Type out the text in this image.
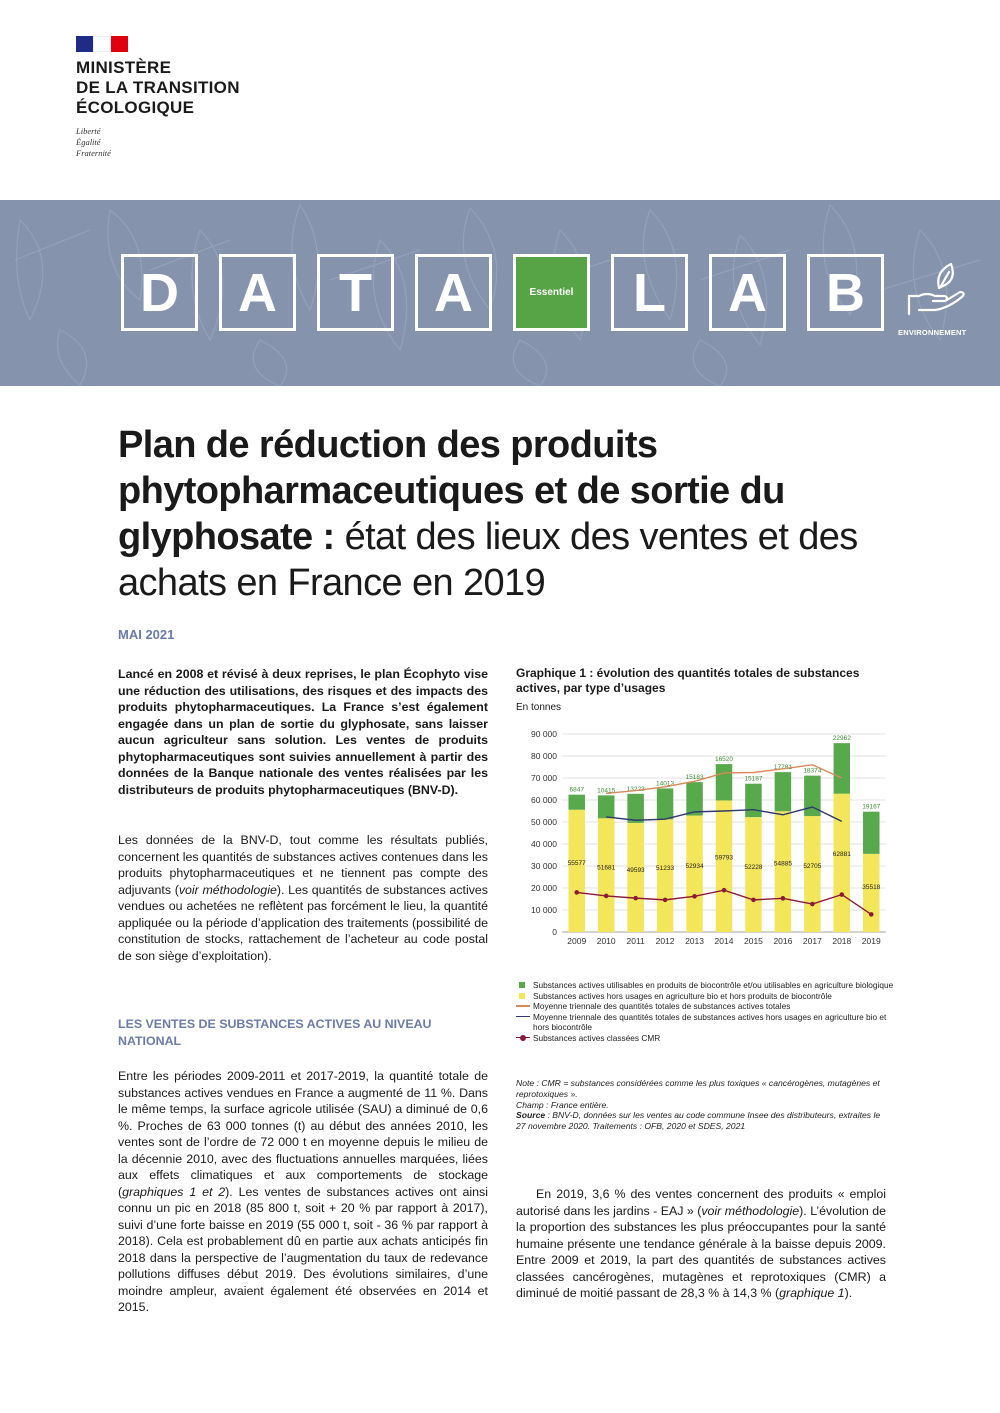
MINISTÈRE
DE LA TRANSITION
ÉCOLOGIQUE
Liberté
Égalité
Fraternité
D	A	T	A	Essentiel	L	A	B
ENVIRONNEMENT
Plan de réduction des produits phytopharmaceutiques et de sortie du glyphosate : état des lieux des ventes et des achats en France en 2019
MAI 2021
Lancé en 2008 et révisé à deux reprises, le plan Écophyto vise une réduction des utilisations, des risques et des impacts des produits phytopharmaceutiques. La France s’est également engagée dans un plan de sortie du glyphosate, sans laisser aucun agriculteur sans solution. Les ventes de produits phytopharmaceutiques sont suivies annuellement à partir des données de la Banque nationale des ventes réalisées par les distributeurs de produits phytopharmaceutiques (BNV-D).
Les données de la BNV-D, tout comme les résultats publiés, concernent les quantités de substances actives contenues dans les produits phytopharmaceutiques et ne tiennent pas compte des adjuvants (voir méthodologie). Les quantités de substances actives vendues ou achetées ne reflètent pas forcément le lieu, la quantité appliquée ou la période d’application des traitements (possibilité de constitution de stocks, rattachement de l’acheteur au code postal de son siège d’exploitation).
LES VENTES DE SUBSTANCES ACTIVES AU NIVEAU NATIONAL
Entre les périodes 2009-2011 et 2017-2019, la quantité totale de substances actives vendues en France a augmenté de 11 %. Dans le même temps, la surface agricole utilisée (SAU) a diminué de 0,6 %. Proches de 63 000 tonnes (t) au début des années 2010, les ventes sont de l’ordre de 72 000 t en moyenne depuis le milieu de la décennie 2010, avec des fluctuations annuelles marquées, liées aux effets climatiques et aux comportements de stockage (graphiques 1 et 2). Les ventes de substances actives ont ainsi connu un pic en 2018 (85 800 t, soit + 20 % par rapport à 2017), suivi d’une forte baisse en 2019 (55 000 t, soit - 36 % par rapport à 2018). Cela est probablement dû en partie aux achats anticipés fin 2018 dans la perspective de l’augmentation du taux de redevance pollutions diffuses début 2019. Des évolutions similaires, d’une moindre ampleur, avaient également été observées en 2014 et 2015.
Graphique 1 : évolution des quantités totales de substances actives, par type d’usages
En tonnes
0
10 000
20 000
30 000
40 000
50 000
60 000
70 000
80 000
90 000
6847
55577
2009
10415
51681
2010
13223
49593
2011
14013
51233
2012
15183
52934
2013
16520
59793
2014
15187
52228
2015
17781
54885
2016
18374
52705
2017
22962
62881
2018
19167
35518
2019
Substances actives utilisables en produits de biocontrôle et/ou utilisables en agriculture biologique
Substances actives hors usages en agriculture bio et hors produits de biocontrôle
Moyenne triennale des quantités totales de substances actives totales
Moyenne triennale des quantités totales de substances actives hors usages en agriculture bio et hors biocontrôle
Substances actives classées CMR
Note : CMR = substances considérées comme les plus toxiques « cancérogènes, mutagènes et reprotoxiques ».
Champ : France entière.
Source : BNV-D, données sur les ventes au code commune Insee des distributeurs, extraites le 27 novembre 2020. Traitements : OFB, 2020 et SDES, 2021
En 2019, 3,6 % des ventes concernent des produits « emploi autorisé dans les jardins - EAJ » (voir méthodologie). L’évolution de la proportion des substances les plus préoccupantes pour la santé humaine présente une tendance générale à la baisse depuis 2009. Entre 2009 et 2019, la part des quantités de substances actives classées cancérogènes, mutagènes et reprotoxiques (CMR) a diminué de moitié passant de 28,3 % à 14,3 % (graphique 1).
